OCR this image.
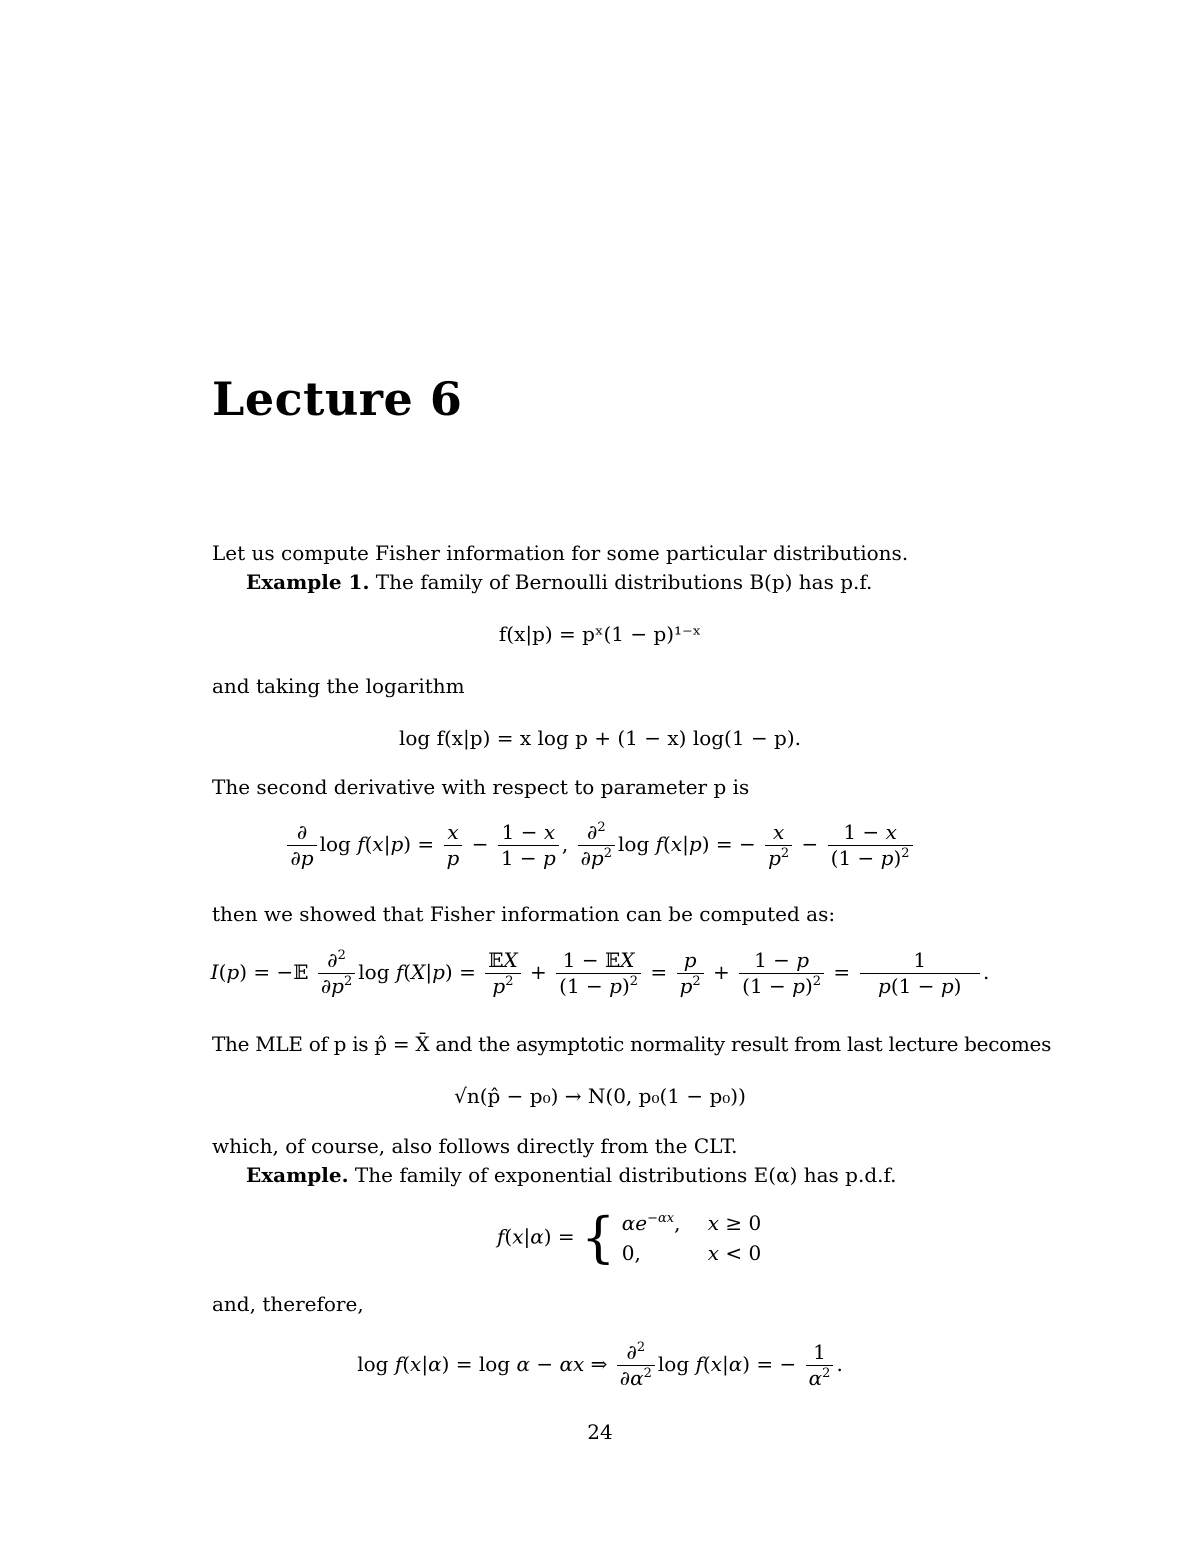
Lecture 6
Let us compute Fisher information for some particular distributions.
Example 1. The family of Bernoulli distributions B(p) has p.f.
f(x|p) = pˣ(1 − p)¹⁻ˣ
and taking the logarithm
log f(x|p) = x log p + (1 − x) log(1 − p).
The second derivative with respect to parameter p is
$\frac{\partial}{\partial p}$ $\log f(x|p) = \frac{x}{p} - \frac{1 - x}{1 - p}$ , $\frac{\partial^2}{\partial p^2}$ log f(x|p) = − $\frac{x}{p^2} - \frac{1 - x}{(1 - p)^2}$
then we showed that Fisher information can be computed as:
I(p) = −𝔼 $\frac{\partial^2}{\partial p^2}$ $\log f(X|p) = \frac{\text{𝔼X}}{p^2} + \frac{\text{1 − 𝔼X}}{(1 - p)^2} = \frac{p}{p^2} + \frac{1 - p}{(1 - p)^2} = \frac{1}{p(1 - p)}$ .
The MLE of p is p̂ = X̄ and the asymptotic normality result from last lecture becomes
√n(p̂ − p₀) → N(0, p₀(1 − p₀))
which, of course, also follows directly from the CLT.
Example. The family of exponential distributions E(α) has p.d.f.
f(x|α) = { $\alpha e^{-\alpha x}$, x ≥ 0
0,	x < 0
and, therefore,
log f(x|α) = log α − αx ⇒ $\frac{\partial^2}{\partial\alpha^2}$ log f(x|α) = − $\frac{1}{\alpha^2}$ .
24
